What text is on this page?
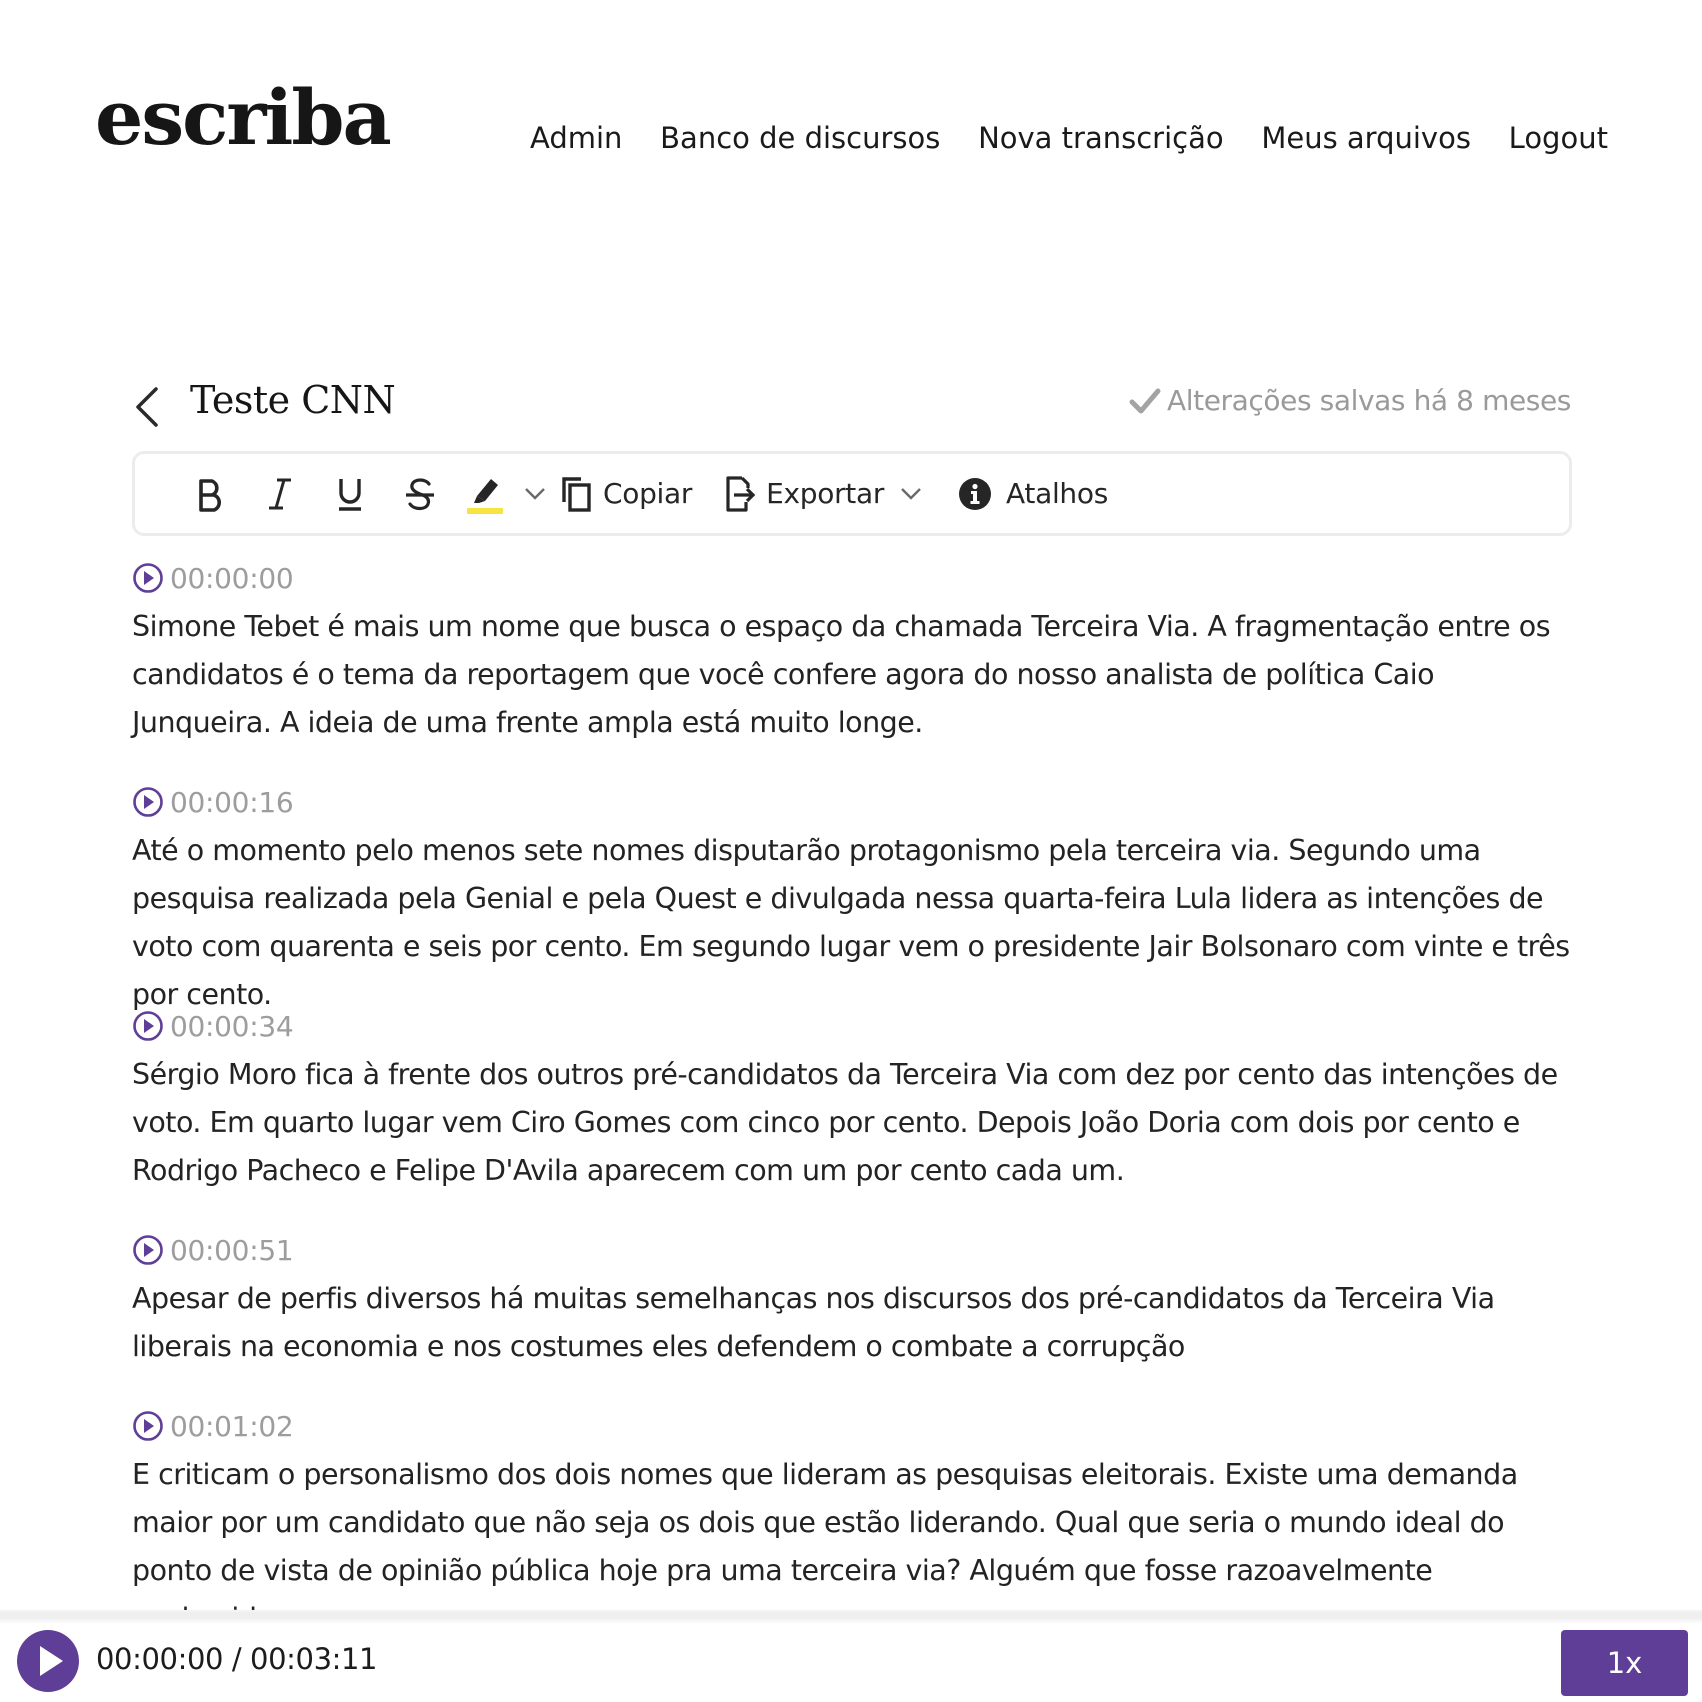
escriba	Admin Banco de discursos Nova transcrição Meus arquivos Logout
Teste CNN	Alterações salvas há 8 meses
Copiar	Exportar	Atalhos
00:00:00

Simone Tebet é mais um nome que busca o espaço da chamada Terceira Via. A fragmentação entre os candidatos é o tema da reportagem que você confere agora do nosso analista de política Caio Junqueira. A ideia de uma frente ampla está muito longe.

00:00:16

Até o momento pelo menos sete nomes disputarão protagonismo pela terceira via. Segundo uma pesquisa realizada pela Genial e pela Quest e divulgada nessa quarta-feira Lula lidera as intenções de voto com quarenta e seis por cento. Em segundo lugar vem o presidente Jair Bolsonaro com vinte e três por cento.

00:00:34

Sérgio Moro fica à frente dos outros pré-candidatos da Terceira Via com dez por cento das intenções de voto. Em quarto lugar vem Ciro Gomes com cinco por cento. Depois João Doria com dois por cento e Rodrigo Pacheco e Felipe D'Avila aparecem com um por cento cada um.

00:00:51

Apesar de perfis diversos há muitas semelhanças nos discursos dos pré-candidatos da Terceira Via liberais na economia e nos costumes eles defendem o combate a corrupção

00:01:02

E criticam o personalismo dos dois nomes que lideram as pesquisas eleitorais. Existe uma demanda maior por um candidato que não seja os dois que estão liderando. Qual que seria o mundo ideal do ponto de vista de opinião pública hoje pra uma terceira via? Alguém que fosse razoavelmente

00:00:00 / 00:03:11	1x
